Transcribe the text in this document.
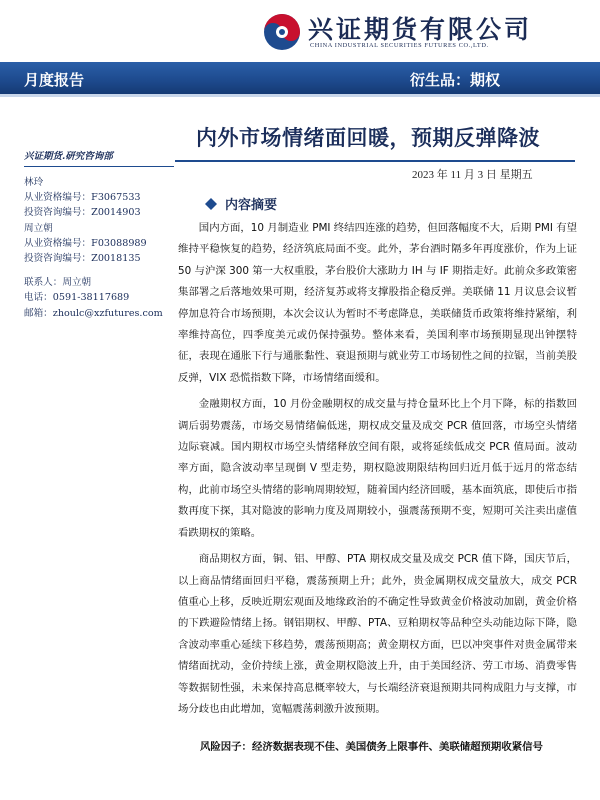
兴证期货有限公司
CHINA INDUSTRIAL SECURITIES FUTURES CO.,LTD.
月度报告	衍生品：期权
内外市场情绪面回暖，预期反弹降波
2023 年 11 月 3 日 星期五
兴证期货.研究咨询部
林玲
从业资格编号：F3067533
投资咨询编号：Z0014903
周立朝
从业资格编号：F03088989
投资咨询编号：Z0018135
联系人：周立朝
电话：0591-38117689
邮箱：zhoulc@xzfutures.com
内容摘要

国内方面，10 月制造业 PMI 终结四连涨的趋势，但回落幅度不大，后期 PMI 有望维持平稳恢复的趋势，经济筑底局面不变。此外，茅台酒时隔多年再度涨价，作为上证 50 与沪深 300 第一大权重股，茅台股价大涨助力 IH 与 IF 期指走好。此前众多政策密集部署之后落地效果可期，经济复苏或将支撑股指企稳反弹。美联储 11 月议息会议暂停加息符合市场预期，本次会议认为暂时不考虑降息，美联储货币政策将维持紧缩，利率维持高位，四季度美元或仍保持强势。整体来看，美国利率市场预期显现出钟摆特征，表现在通胀下行与通胀黏性、衰退预期与就业劳工市场韧性之间的拉锯，当前美股反弹，VIX 恐慌指数下降，市场情绪面缓和。

金融期权方面，10 月份金融期权的成交量与持仓量环比上个月下降，标的指数回调后弱势震荡，市场交易情绪偏低迷，期权成交量及成交 PCR 值回落，市场空头情绪边际衰减。国内期权市场空头情绪释放空间有限，或将延续低成交 PCR 值局面。波动率方面，隐含波动率呈现倒 V 型走势，期权隐波期限结构回归近月低于远月的常态结构，此前市场空头情绪的影响周期较短，随着国内经济回暖，基本面筑底，即使后市指数再度下探，其对隐波的影响力度及周期较小，强震荡预期不变，短期可关注卖出虚值看跌期权的策略。

商品期权方面，铜、铝、甲醇、PTA 期权成交量及成交 PCR 值下降，国庆节后，以上商品情绪面回归平稳，震荡预期上升；此外，贵金属期权成交量放大，成交 PCR 值重心上移，反映近期宏观面及地缘政治的不确定性导致黄金价格波动加剧，黄金价格的下跌避险情绪上扬。钢铝期权、甲醇、PTA、豆粕期权等品种空头动能边际下降，隐含波动率重心延续下移趋势，震荡预期高；黄金期权方面，巴以冲突事件对贵金属带来情绪面扰动，金价持续上涨，黄金期权隐波上升，由于美国经济、劳工市场、消费零售等数据韧性强，未来保持高息概率较大，与长端经济衰退预期共同构成阻力与支撑，市场分歧也由此增加，宽幅震荡刺激升波预期。

风险因子：经济数据表现不佳、美国债务上限事件、美联储超预期收紧信号
